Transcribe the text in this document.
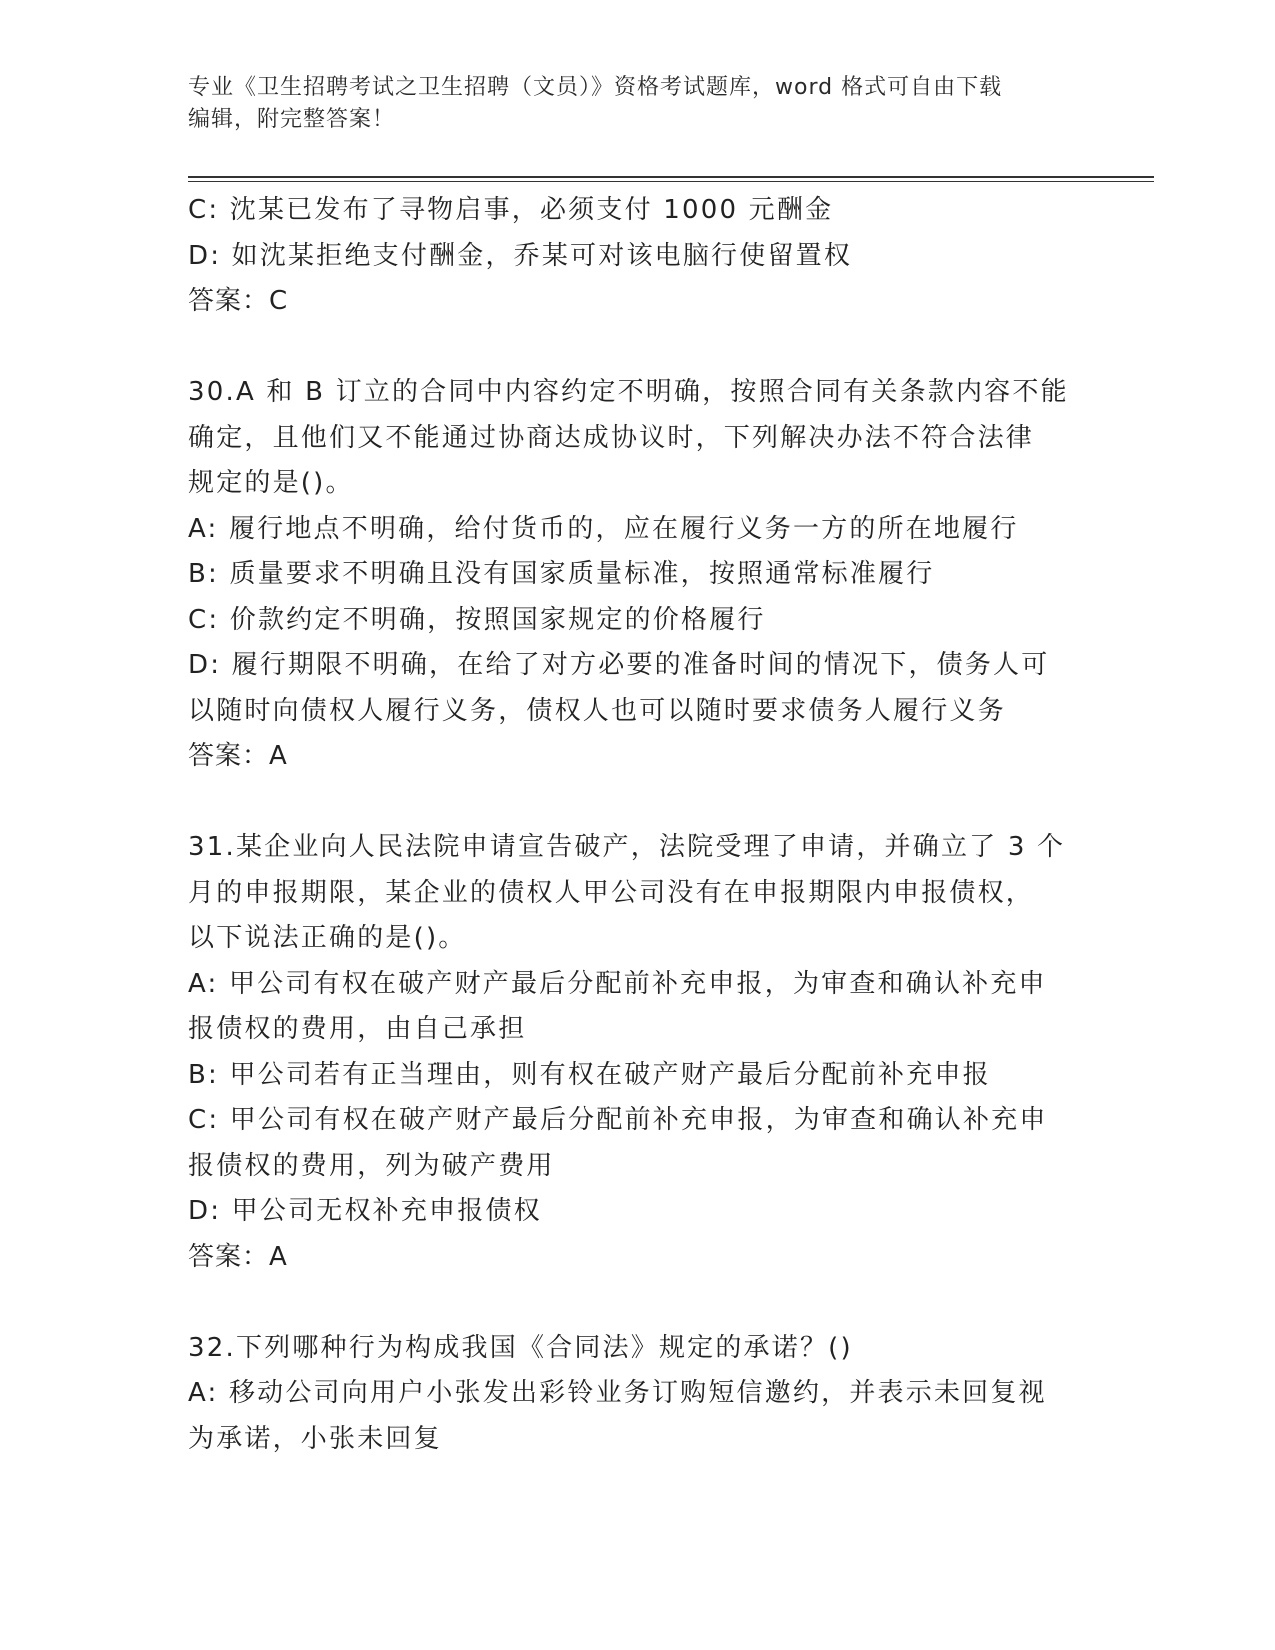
专业《卫生招聘考试之卫生招聘（文员）》资格考试题库，word 格式可自由下载
编辑，附完整答案！

C: 沈某已发布了寻物启事，必须支付 1000 元酬金

D: 如沈某拒绝支付酬金，乔某可对该电脑行使留置权

答案：C

30.A 和 B 订立的合同中内容约定不明确，按照合同有关条款内容不能

确定，且他们又不能通过协商达成协议时，下列解决办法不符合法律

规定的是()。

A: 履行地点不明确，给付货币的，应在履行义务一方的所在地履行

B: 质量要求不明确且没有国家质量标准，按照通常标准履行

C: 价款约定不明确，按照国家规定的价格履行

D: 履行期限不明确，在给了对方必要的准备时间的情况下，债务人可

以随时向债权人履行义务，债权人也可以随时要求债务人履行义务

答案：A

31.某企业向人民法院申请宣告破产，法院受理了申请，并确立了 3 个

月的申报期限，某企业的债权人甲公司没有在申报期限内申报债权，

以下说法正确的是()。

A: 甲公司有权在破产财产最后分配前补充申报，为审查和确认补充申

报债权的费用，由自己承担

B: 甲公司若有正当理由，则有权在破产财产最后分配前补充申报

C: 甲公司有权在破产财产最后分配前补充申报，为审查和确认补充申

报债权的费用，列为破产费用

D: 甲公司无权补充申报债权

答案：A

32.下列哪种行为构成我国《合同法》规定的承诺？()

A: 移动公司向用户小张发出彩铃业务订购短信邀约，并表示未回复视

为承诺，小张未回复
